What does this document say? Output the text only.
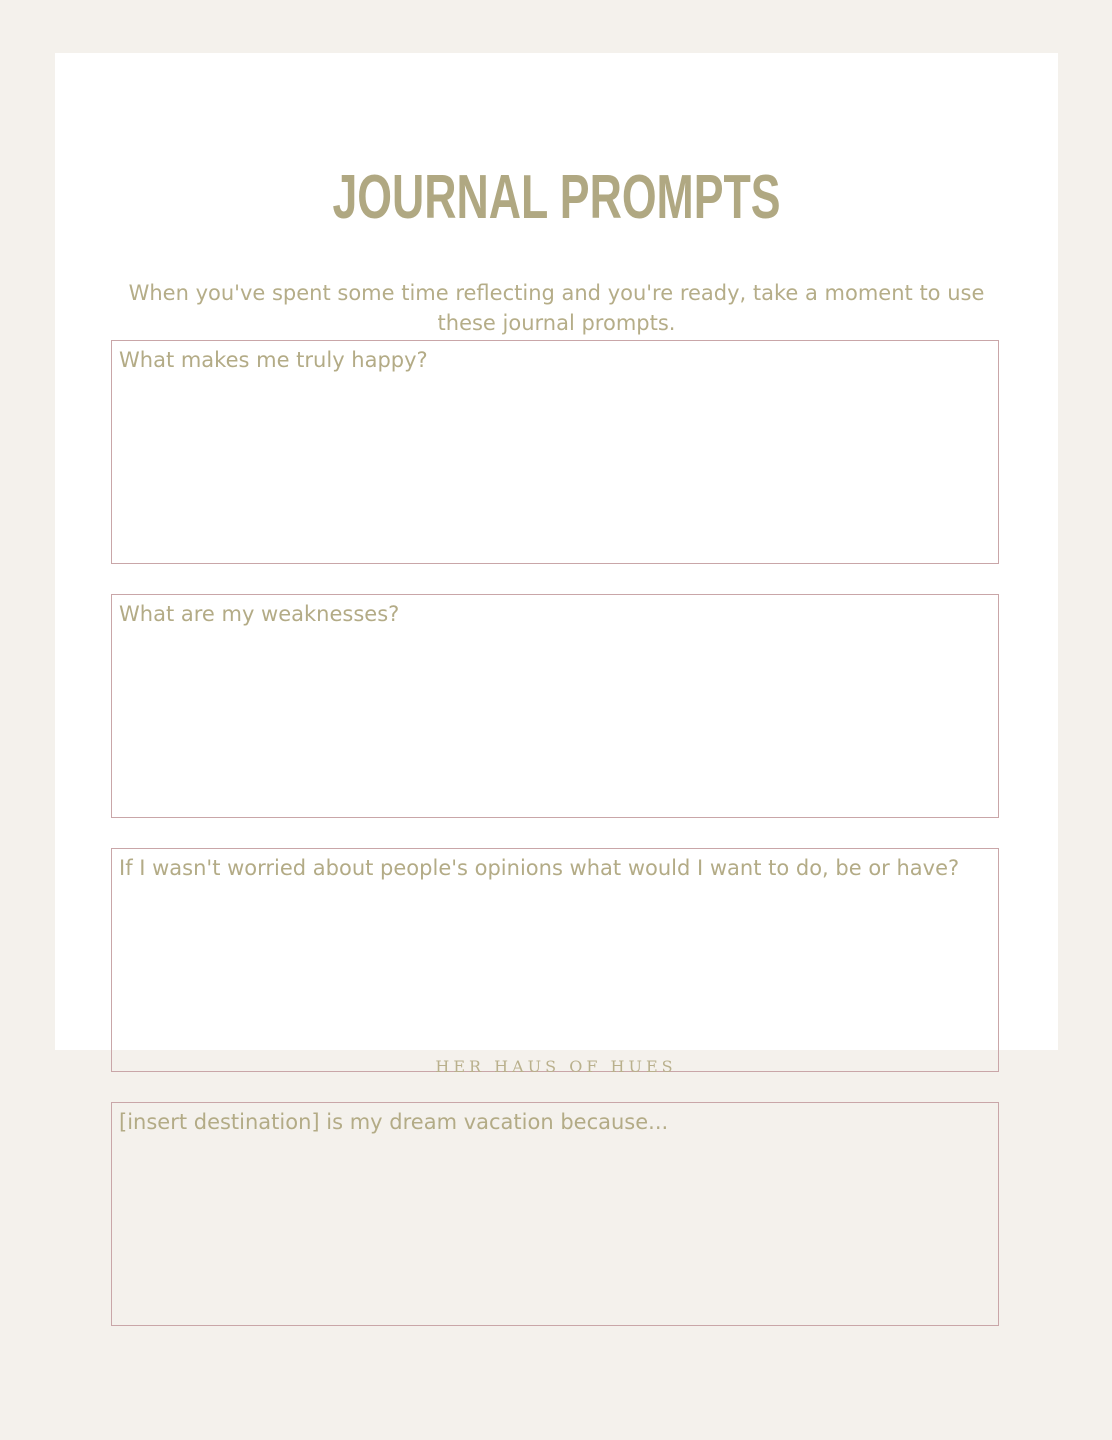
JOURNAL PROMPTS

When you've spent some time reflecting and you're ready, take a moment to use these journal prompts.

What makes me truly happy?

What are my weaknesses?

If I wasn't worried about people's opinions what would I want to do, be or have?

[insert destination] is my dream vacation because...

HER HAUS OF HUES
